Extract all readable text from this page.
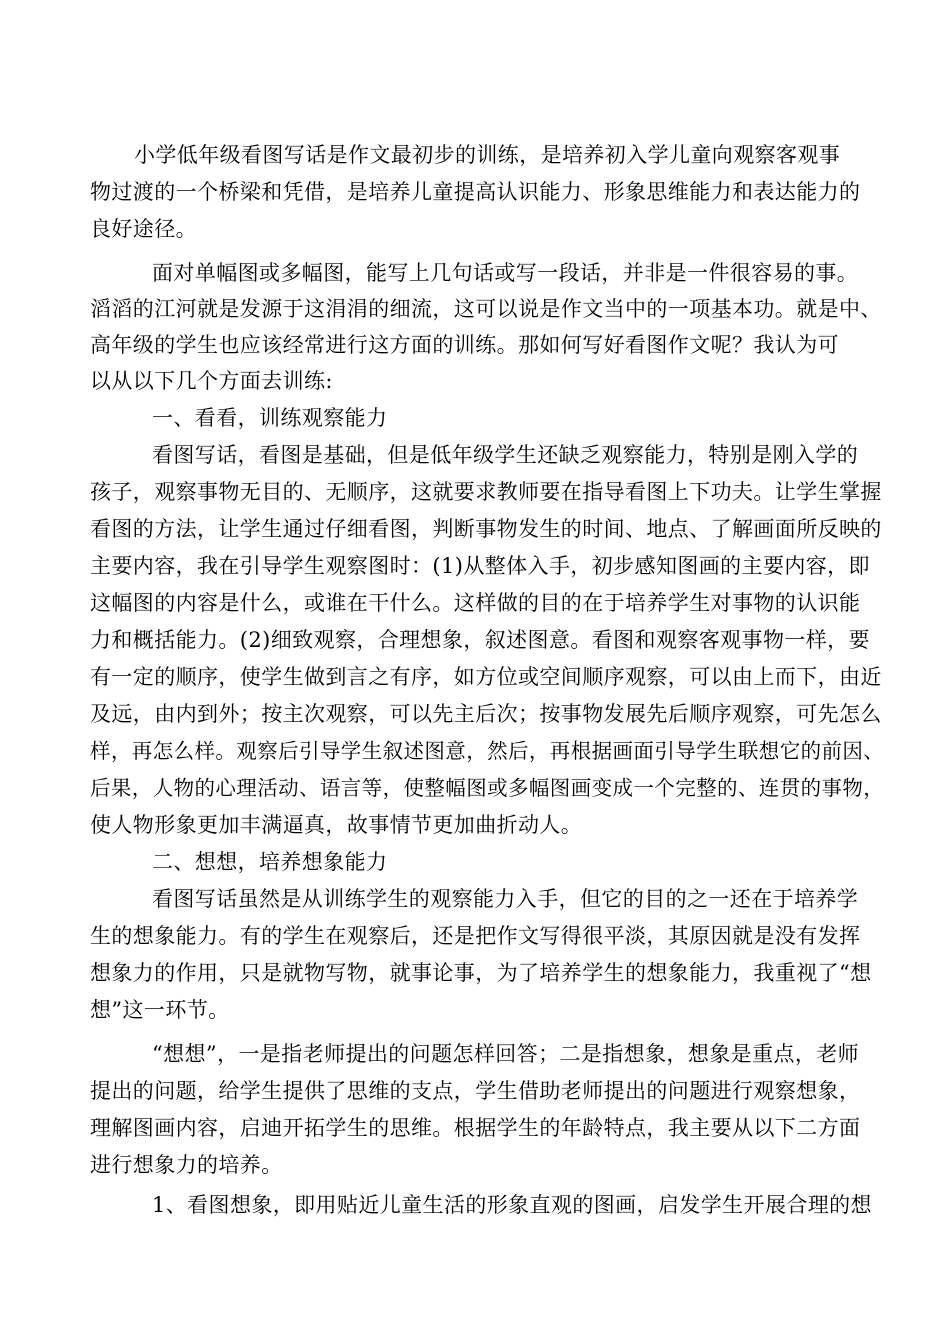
小学低年级看图写话是作文最初步的训练，是培养初入学儿童向观察客观事
物过渡的一个桥梁和凭借，是培养儿童提高认识能力、形象思维能力和表达能力的
良好途径。
面对单幅图或多幅图，能写上几句话或写一段话，并非是一件很容易的事。
滔滔的江河就是发源于这涓涓的细流，这可以说是作文当中的一项基本功。就是中、
高年级的学生也应该经常进行这方面的训练。那如何写好看图作文呢？我认为可
以从以下几个方面去训练:
一、看看，训练观察能力
看图写话，看图是基础，但是低年级学生还缺乏观察能力，特别是刚入学的
孩子，观察事物无目的、无顺序，这就要求教师要在指导看图上下功夫。让学生掌握
看图的方法，让学生通过仔细看图，判断事物发生的时间、地点、了解画面所反映的
主要内容，我在引导学生观察图时：(1)从整体入手，初步感知图画的主要内容，即
这幅图的内容是什么，或谁在干什么。这样做的目的在于培养学生对事物的认识能
力和概括能力。(2)细致观察，合理想象，叙述图意。看图和观察客观事物一样，要
有一定的顺序，使学生做到言之有序，如方位或空间顺序观察，可以由上而下，由近
及远，由内到外；按主次观察，可以先主后次；按事物发展先后顺序观察，可先怎么
样，再怎么样。观察后引导学生叙述图意，然后，再根据画面引导学生联想它的前因、
后果，人物的心理活动、语言等，使整幅图或多幅图画变成一个完整的、连贯的事物，
使人物形象更加丰满逼真，故事情节更加曲折动人。
二、想想，培养想象能力
看图写话虽然是从训练学生的观察能力入手，但它的目的之一还在于培养学
生的想象能力。有的学生在观察后，还是把作文写得很平淡，其原因就是没有发挥
想象力的作用，只是就物写物，就事论事，为了培养学生的想象能力，我重视了“想
想”这一环节。
“想想”，一是指老师提出的问题怎样回答；二是指想象，想象是重点，老师
提出的问题，给学生提供了思维的支点，学生借助老师提出的问题进行观察想象，
理解图画内容，启迪开拓学生的思维。根据学生的年龄特点，我主要从以下二方面
进行想象力的培养。
1、看图想象，即用贴近儿童生活的形象直观的图画，启发学生开展合理的想
